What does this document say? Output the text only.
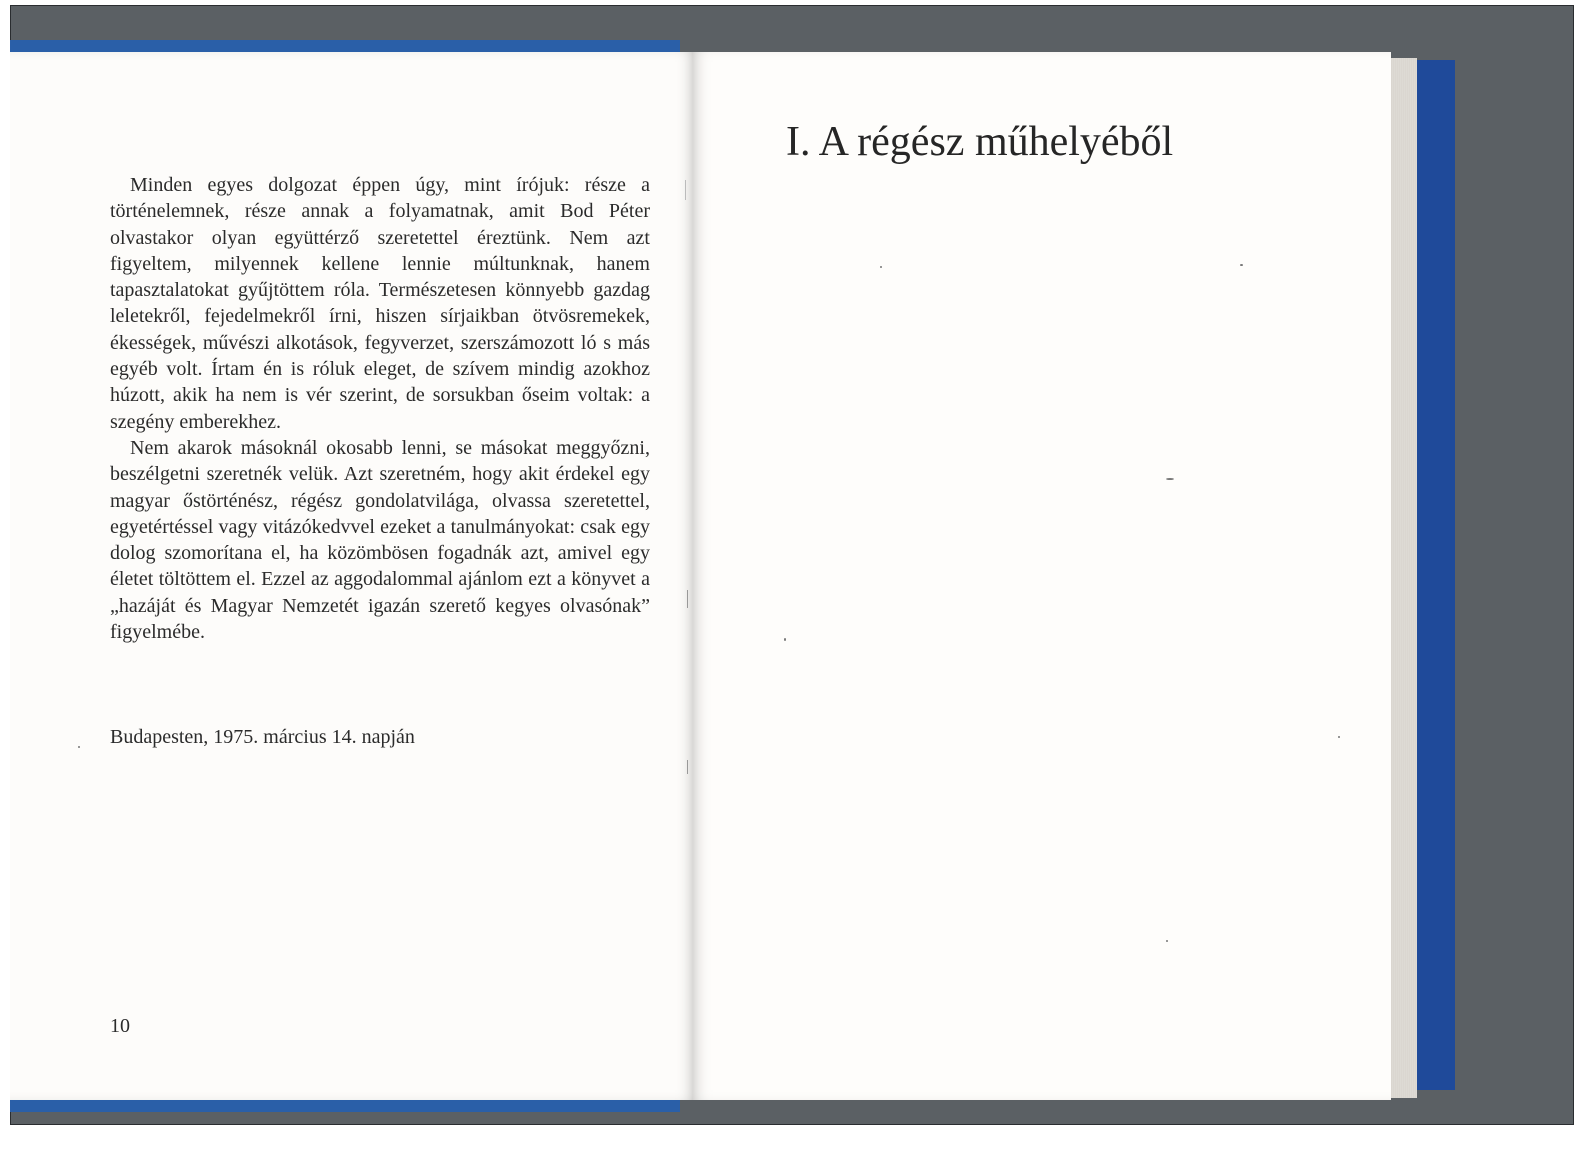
Minden egyes dolgozat éppen úgy, mint írójuk: része a történelemnek, része annak a folyamatnak, amit Bod Péter olvastakor olyan együttérző szeretettel éreztünk. Nem azt figyeltem, milyennek kellene lennie múltunknak, hanem tapasztalatokat gyűjtöttem róla. Természetesen könnyebb gazdag leletekről, fejedelmekről írni, hiszen sírjaikban ötvösremekek, ékességek, művészi alkotások, fegyverzet, szerszámozott ló s más egyéb volt. Írtam én is róluk eleget, de szívem mindig azokhoz húzott, akik ha nem is vér szerint, de sorsukban őseim voltak: a szegény emberekhez.

Nem akarok másoknál okosabb lenni, se másokat meggyőzni, beszélgetni szeretnék velük. Azt szeretném, hogy akit érdekel egy magyar őstörténész, régész gondolatvilága, olvassa szeretettel, egyetértéssel vagy vitázókedvvel ezeket a tanulmányokat: csak egy dolog szomorítana el, ha közömbösen fogadnák azt, amivel egy életet töltöttem el. Ezzel az aggodalommal ajánlom ezt a könyvet a „hazáját és Magyar Nemzetét igazán szerető kegyes olvasónak” figyelmébe.

Budapesten, 1975. március 14. napján
10
I. A régész műhelyéből
